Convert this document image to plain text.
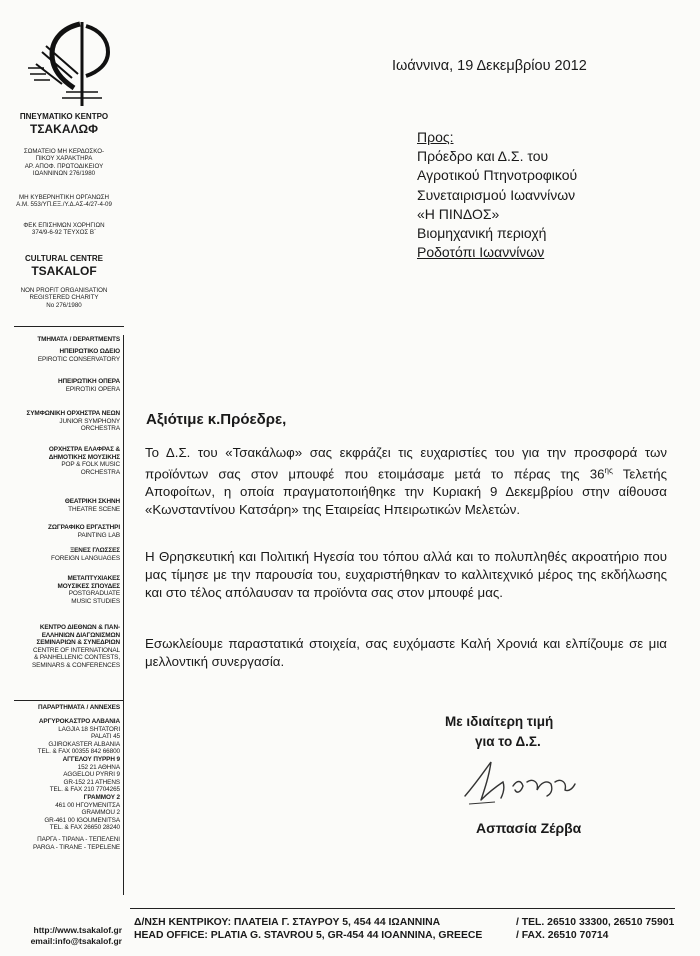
ΠΝΕΥΜΑΤΙΚΟ ΚΕΝΤΡΟ
ΤΣΑΚΑΛΩΦ
ΣΩΜΑΤΕΙΟ ΜΗ ΚΕΡΔΟΣΚΟ-
ΠΙΚΟΥ ΧΑΡΑΚΤΗΡΑ
ΑΡ. ΑΠΟΦ. ΠΡΩΤΟΔΙΚΕΙΟΥ
ΙΩΑΝΝΙΝΩΝ 276/1980
ΜΗ ΚΥΒΕΡΝΗΤΙΚΗ ΟΡΓΑΝΩΣΗ
Α.Μ. 553/ΥΠ.ΕΞ./Υ.Δ.ΑΣ-4/27-4-09
ΦΕΚ ΕΠΙΣΗΜΩΝ ΧΟΡΗΓΙΩΝ
374/9-6-92 ΤΕΥΧΟΣ Β΄
CULTURAL CENTRE
TSAKALOF
NON PROFIT ORGANISATION
REGISTERED CHARITY
No 276/1980
ΤΜΗΜΑΤΑ / DEPARTMENTS
ΗΠΕΙΡΩΤΙΚΟ ΩΔΕΙΟ
EPIROTIC CONSERVATORY
ΗΠΕΙΡΩΤΙΚΗ ΟΠΕΡΑ
EPIROTIKI OPERA
ΣΥΜΦΩΝΙΚΗ ΟΡΧΗΣΤΡΑ ΝΕΩΝ
JUNIOR SYMPHONY
ORCHESTRA
ΟΡΧΗΣΤΡΑ ΕΛΑΦΡΑΣ &
ΔΗΜΟΤΙΚΗΣ ΜΟΥΣΙΚΗΣ
POP & FOLK MUSIC
ORCHESTRA
ΘΕΑΤΡΙΚΗ ΣΚΗΝΗ
THEATRE SCENE
ΖΩΓΡΑΦΙΚΟ ΕΡΓΑΣΤΗΡΙ
PAINTING LAB
ΞΕΝΕΣ ΓΛΩΣΣΕΣ
FOREIGN LANGUAGES
ΜΕΤΑΠΤΥΧΙΑΚΕΣ
ΜΟΥΣΙΚΕΣ ΣΠΟΥΔΕΣ
POSTGRADUATE
MUSIC STUDIES
ΚΕΝΤΡΟ ΔΙΕΘΝΩΝ & ΠΑΝ-
ΕΛΛΗΝΙΩΝ ΔΙΑΓΩΝΙΣΜΩΝ
ΣΕΜΙΝΑΡΙΩΝ & ΣΥΝΕΔΡΙΩΝ
CENTRE OF INTERNATIONAL
& PANHELLENIC CONTESTS,
SEMINARS & CONFERENCES
ΠΑΡΑΡΤΗΜΑΤΑ / ANNEXES
ΑΡΓΥΡΟΚΑΣΤΡΟ ΑΛΒΑΝΙΑ
LAGJIA 18 SHTATORI
PALATI 45
GJIROKASTER ALBANIA
TEL. & FAX 00355 842 66800
ΑΓΓΕΛΟΥ ΠΥΡΡΗ 9
152 21 ΑΘΗΝΑ
AGGELOU PYRRI 9
GR-152 21 ATHENS
TEL. & FAX 210 7704265
ΓΡΑΜΜΟΥ 2
461 00 ΗΓΟΥΜΕΝΙΤΣΑ
GRAMMOU 2
GR-461 00 IGOUMENITSA
TEL. & FAX 26650 28240
ΠΑΡΓΑ - ΤΙΡΑΝΑ - ΤΕΠΕΛΕΝΙ
PARGA - TIRANE - TEPELENE
http://www.tsakalof.gr
email:info@tsakalof.gr
Ιωάννινα, 19 Δεκεμβρίου 2012
Προς:
Πρόεδρο και Δ.Σ. του
Αγροτικού Πτηνοτροφικού
Συνεταιρισμού Ιωαννίνων
«Η ΠΙΝΔΟΣ»
Βιομηχανική περιοχή
Ροδοτόπι Ιωαννίνων
Αξιότιμε κ.Πρόεδρε,

Το Δ.Σ. του «Τσακάλωφ» σας εκφράζει τις ευχαριστίες του για την προσφορά των προϊόντων σας στον μπουφέ που ετοιμάσαμε μετά το πέρας της $36^{\eta\varsigma}$ Τελετής Αποφοίτων, η οποία πραγματοποιήθηκε την Κυριακή 9 Δεκεμβρίου στην αίθουσα «Κωνσταντίνου Κατσάρη» της Εταιρείας Ηπειρωτικών Μελετών.

Η Θρησκευτική και Πολιτική Ηγεσία του τόπου αλλά και το πολυπληθές ακροατήριο που μας τίμησε με την παρουσία του, ευχαριστήθηκαν το καλλιτεχνικό μέρος της εκδήλωσης και στο τέλος απόλαυσαν τα προϊόντα σας στον μπουφέ μας.

Εσωκλείουμε παραστατικά στοιχεία, σας ευχόμαστε Καλή Χρονιά και ελπίζουμε σε μια μελλοντική συνεργασία.

Με ιδιαίτερη τιμή
για το Δ.Σ.
Ασπασία Ζέρβα
Δ/ΝΣΗ ΚΕΝΤΡΙΚΟΥ: ΠΛΑΤΕΙΑ Γ. ΣΤΑΥΡΟΥ 5, 454 44 ΙΩΑΝΝΙΝΑ	/ TEL. 26510 33300, 26510 75901
HEAD OFFICE: PLATIA G. STAVROU 5, GR-454 44 IOANNINA, GREECE	/ FAX. 26510 70714
